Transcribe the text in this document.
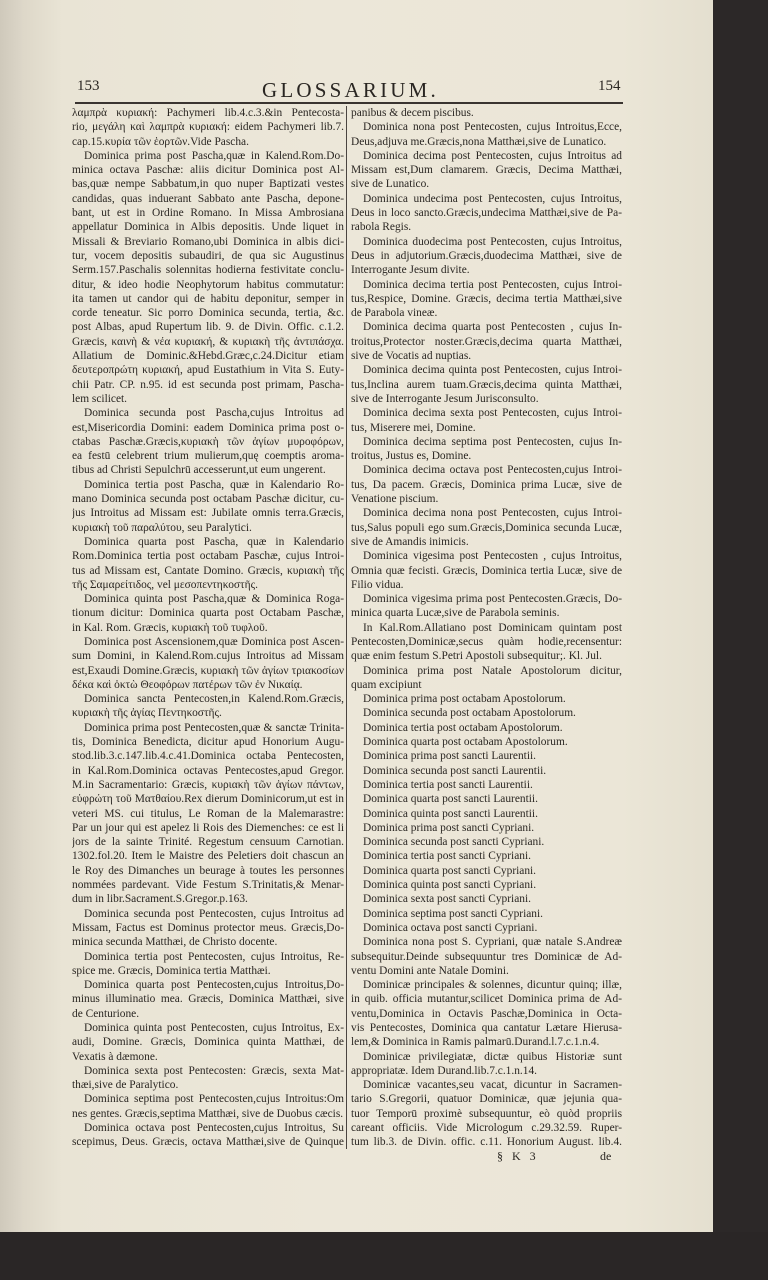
153	GLOSSARIUM.	154
λαμπρὰ κυριακή: Pachymeri lib.4.c.3.&in Pentecosta-
rio, μεγάλη καὶ λαμπρὰ κυριακή: eidem Pachymeri lib.7.
cap.15.κυρία τῶν ἑορτῶν.Vide Pascha.
Dominica prima post Pascha,quæ in Kalend.Rom.Do-
minica octava Paschæ: aliis dicitur Dominica post Al-
bas,quæ nempe Sabbatum,in quo nuper Baptizati vestes
candidas, quas induerant Sabbato ante Pascha, depone-
bant, ut est in Ordine Romano. In Missa Ambrosiana
appellatur Dominica in Albis depositis. Unde liquet in
Missali & Breviario Romano,ubi Dominica in albis dici-
tur, vocem depositis subaudiri, de qua sic Augustinus
Serm.157.Paschalis solennitas hodierna festivitate conclu-
ditur, & ideo hodie Neophytorum habitus commutatur:
ita tamen ut candor qui de habitu deponitur, semper in
corde teneatur. Sic porro Dominica secunda, tertia, &c.
post Albas, apud Rupertum lib. 9. de Divin. Offic. c.1.2.
Græcis, καινὴ & νέα κυριακή, & κυριακὴ τῆς ἀντιπάσχα.
Allatium de Dominic.&Hebd.Græc,c.24.Dicitur etiam
δευτεροπρώτη κυριακή, apud Eustathium in Vita S. Euty-
chii Patr. CP. n.95. id est secunda post primam, Pascha-
lem scilicet.
Dominica secunda post Pascha,cujus Introitus ad
est,Misericordia Domini: eadem Dominica prima post o-
ctabas Paschæ.Græcis,κυριακὴ τῶν ἁγίων μυροφόρων,
ea festū celebrent trium mulierum,quę coemptis aroma-
tibus ad Christi Sepulchrū accesserunt,ut eum ungerent.
Dominica tertia post Pascha, quæ in Kalendario Ro-
mano Dominica secunda post octabam Paschæ dicitur, cu-
jus Introitus ad Missam est: Jubilate omnis terra.Græcis,
κυριακὴ τοῦ παραλύτου, seu Paralytici.
Dominica quarta post Pascha, quæ in Kalendario
Rom.Dominica tertia post octabam Paschæ, cujus Introi-
tus ad Missam est, Cantate Domino. Græcis, κυριακὴ τῆς
τῆς Σαμαρείτιδος, vel μεσοπεντηκοστῆς.
Dominica quinta post Pascha,quæ & Dominica Roga-
tionum dicitur: Dominica quarta post Octabam Paschæ,
in Kal. Rom. Græcis, κυριακὴ τοῦ τυφλοῦ.
Dominica post Ascensionem,quæ Dominica post Ascen-
sum Domini, in Kalend.Rom.cujus Introitus ad Missam
est,Exaudi Domine.Græcis, κυριακὴ τῶν ἁγίων τριακοσίων
δέκα καὶ ὀκτὼ Θεοφόρων πατέρων τῶν ἐν Νικαίᾳ.
Dominica sancta Pentecosten,in Kalend.Rom.Græcis,
κυριακὴ τῆς ἁγίας Πεντηκοστῆς.
Dominica prima post Pentecosten,quæ & sanctæ Trinita-
tis, Dominica Benedicta, dicitur apud Honorium Augu-
stod.lib.3.c.147.lib.4.c.41.Dominica octaba Pentecosten,
in Kal.Rom.Dominica octavas Pentecostes,apud Gregor.
M.in Sacramentario: Græcis, κυριακὴ τῶν ἁγίων πάντων,
εὐφρώτη τοῦ Ματθαίου.Rex dierum Dominicorum,ut est in
veteri MS. cui titulus, Le Roman de la Malemarastre:
Par un jour qui est apelez li Rois des Diemenches: ce est li
jors de la sainte Trinité. Regestum censuum Carnotian.
1302.fol.20. Item le Maistre des Peletiers doit chascun an
le Roy des Dimanches un beurage à toutes les personnes
nommées pardevant. Vide Festum S.Trinitatis,& Menar-
dum in libr.Sacrament.S.Gregor.p.163.
Dominica secunda post Pentecosten, cujus Introitus ad
Missam, Factus est Dominus protector meus. Græcis,Do-
minica secunda Matthæi, de Christo docente.
Dominica tertia post Pentecosten, cujus Introitus, Re-
spice me. Græcis, Dominica tertia Matthæi.
Dominica quarta post Pentecosten,cujus Introitus,Do-
minus illuminatio mea. Græcis, Dominica Matthæi, sive
de Centurione.
Dominica quinta post Pentecosten, cujus Introitus, Ex-
audi, Domine. Græcis, Dominica quinta Matthæi, de
Vexatis à dæmone.
Dominica sexta post Pentecosten: Græcis, sexta Mat-
thæi,sive de Paralytico.
Dominica septima post Pentecosten,cujus Introitus:Om
nes gentes. Græcis,septima Matthæi, sive de Duobus cæcis.
Dominica octava post Pentecosten,cujus Introitus, Su
scepimus, Deus. Græcis, octava Matthæi,sive de Quinque
panibus & decem piscibus.
Dominica nona post Pentecosten, cujus Introitus,Ecce,
Deus,adjuva me.Græcis,nona Matthæi,sive de Lunatico.
Dominica decima post Pentecosten, cujus Introitus ad
Missam est,Dum clamarem. Græcis, Decima Matthæi,
sive de Lunatico.
Dominica undecima post Pentecosten, cujus Introitus,
Deus in loco sancto.Græcis,undecima Matthæi,sive de Pa-
rabola Regis.
Dominica duodecima post Pentecosten, cujus Introitus,
Deus in adjutorium.Græcis,duodecima Matthæi, sive de
Interrogante Jesum divite.
Dominica decima tertia post Pentecosten, cujus Introi-
tus,Respice, Domine. Græcis, decima tertia Matthæi,sive
de Parabola vineæ.
Dominica decima quarta post Pentecosten , cujus In-
troitus,Protector noster.Græcis,decima quarta Matthæi,
sive de Vocatis ad nuptias.
Dominica decima quinta post Pentecosten, cujus Introi-
tus,Inclina aurem tuam.Græcis,decima quinta Matthæi,
sive de Interrogante Jesum Jurisconsulto.
Dominica decima sexta post Pentecosten, cujus Introi-
tus, Miserere mei, Domine.
Dominica decima septima post Pentecosten, cujus In-
troitus, Justus es, Domine.
Dominica decima octava post Pentecosten,cujus Introi-
tus, Da pacem. Græcis, Dominica prima Lucæ, sive de
Venatione piscium.
Dominica decima nona post Pentecosten, cujus Introi-
tus,Salus populi ego sum.Græcis,Dominica secunda Lucæ,
sive de Amandis inimicis.
Dominica vigesima post Pentecosten , cujus Introitus,
Omnia quæ fecisti. Græcis, Dominica tertia Lucæ, sive de
Filio vidua.
Dominica vigesima prima post Pentecosten.Græcis, Do-
minica quarta Lucæ,sive de Parabola seminis.
In Kal.Rom.Allatiano post Dominicam quintam post
Pentecosten,Dominicæ,secus quàm hodie,recensentur:
quæ enim festum S.Petri Apostoli subsequitur;. Kl. Jul.
Dominica prima post Natale Apostolorum dicitur,
quam excipiunt
Dominica prima post octabam Apostolorum.
Dominica secunda post octabam Apostolorum.
Dominica tertia post octabam Apostolorum.
Dominica quarta post octabam Apostolorum.
Dominica prima post sancti Laurentii.
Dominica secunda post sancti Laurentii.
Dominica tertia post sancti Laurentii.
Dominica quarta post sancti Laurentii.
Dominica quinta post sancti Laurentii.
Dominica prima post sancti Cypriani.
Dominica secunda post sancti Cypriani.
Dominica tertia post sancti Cypriani.
Dominica quarta post sancti Cypriani.
Dominica quinta post sancti Cypriani.
Dominica sexta post sancti Cypriani.
Dominica septima post sancti Cypriani.
Dominica octava post sancti Cypriani.
Dominica nona post S. Cypriani, quæ natale S.Andreæ
subsequitur.Deinde subsequuntur tres Dominicæ de Ad-
ventu Domini ante Natale Domini.
Dominicæ principales & solennes, dicuntur quinq; illæ,
in quib. officia mutantur,scilicet Dominica prima de Ad-
ventu,Dominica in Octavis Paschæ,Dominica in Octa-
vis Pentecostes, Dominica qua cantatur Lætare Hierusa-
lem,& Dominica in Ramis palmarū.Durand.l.7.c.1.n.4.
Dominicæ privilegiatæ, dictæ quibus Historiæ sunt
appropriatæ. Idem Durand.lib.7.c.1.n.14.
Dominicæ vacantes,seu vacat, dicuntur in Sacramen-
tario S.Gregorii, quatuor Dominicæ, quæ jejunia qua-
tuor Temporū proximè subsequuntur, eò quòd propriis
careant officiis. Vide Micrologum c.29.32.59. Ruper-
tum lib.3. de Divin. offic. c.11. Honorium August. lib.4.
§ K 3	de
